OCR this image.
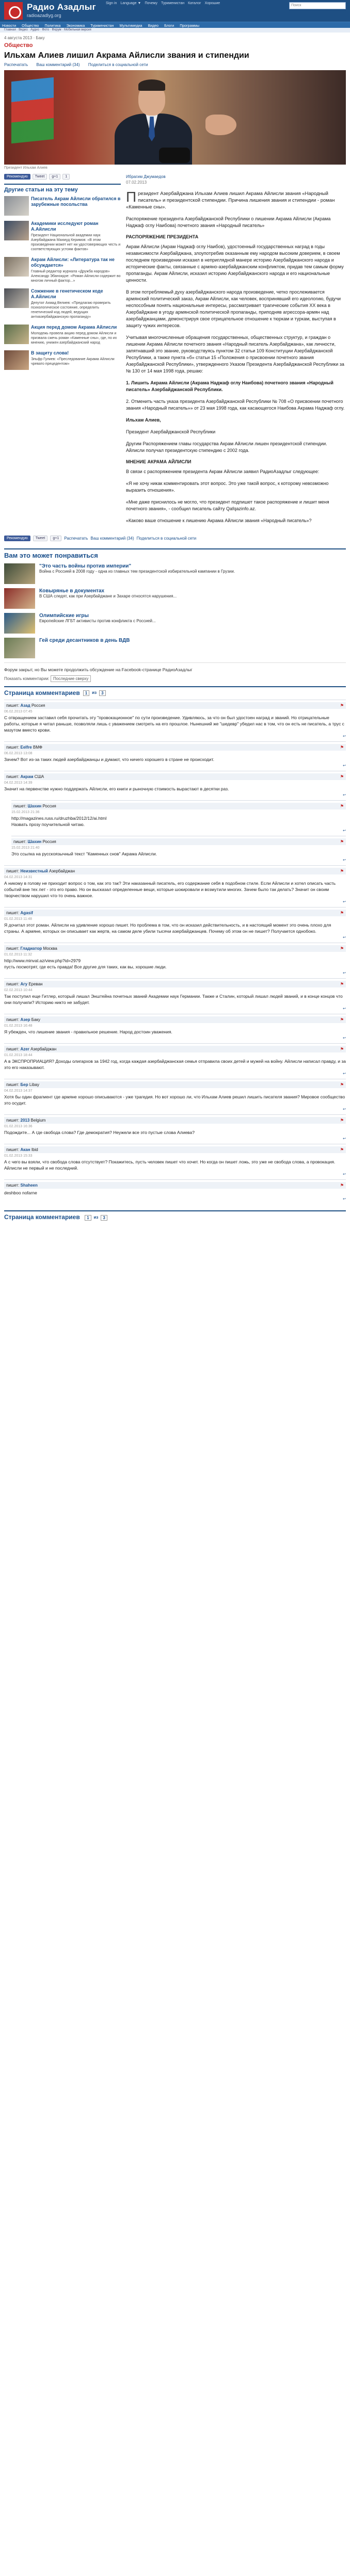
Радио Азадлыг
radioazadlyg.org
Sign in Language ▼ Почему Туркменистан Каталог Хорошие
Поиск
Новости Общество Политика Экономика Туркменистан Мультимедиа Видео Блоги Программы
Главная · Видео · Аудио · Фото · Форум · Мобильная версия
4 августа 2013 · Баку
Общество
Ильхам Алиев лишил Акрама Айлисли звания и стипендии
Распечатать Ваш комментарий (34) Поделиться в социальной сети
Президент Ильхам Алиев
Рекомендую	Tweet	g+1	1
Другие статьи на эту тему
Писатель Акрам Айлисли обратился в зарубежные посольства
Академики исследуют роман А.Айлисли
Президент Национальной академии наук Азербайджана Махмуд Керимов: «В этом произведении может нет ни удостоверяющих честь и соответствующих устоям фактов»
Акрам Айлисли: «Литература так не обсуждается»
Главный редактор журнала «Дружба народов» Александр Эбаноидзе: «Роман Айлисли содержит во многом личный фактор...»
Сожжение в генетическом коде А.Айлисли
Депутат Ахмад Велиев: «Предлагаю проверить психологическое состояние, определить генетический код людей, ведущих антиазербайджанскую пропаганду»
Акция перед домом Акрама Айлисли
Молодежь провела акцию перед домом Айлисли и призвала сжечь роман «Каменные сны», где, по их мнению, унижен азербайджанский народ
В защиту слова!
Эльфр Гулиев: «Преследование Акрама Айлисли чревато прецедентом»
Ибрагим Джумаедов
07.02.2013

Президент Азербайджана Ильхам Алиев лишил Акрама Айлисли звания «Народный писатель» и президентской стипендии. Причина лишения звания и стипендии - роман «Каменные сны».

Распоряжение президента Азербайджанской Республики о лишении Акрама Айлисли (Акрама Наджаф оглу Наибова) почетного звания «Народный писатель»

РАСПОРЯЖЕНИЕ ПРЕЗИДЕНТА

Акрам Айлисли (Акрам Наджаф оглу Наибов), удостоенный государственных наград в годы независимости Азербайджана, злоупотребив оказанным ему народом высоким доверием, в своем последнем произведении исказил в неприглядной манере историю Азербайджанского народа и исторические факты, связанные с армяно-азербайджанским конфликтом, придав тем самым форму пропаганды. Акрам Айлисли, исказил историю Азербайджанского народа и его национальные ценности.

В этом потребляемый духу азербайджанского народа произведение, четко прослеживается армянский политический заказ, Акрам Айлисли, как человек, воспринявший его идеологию, будучи неспособным понять национальные интересы, рассматривает трагические события XX века в Азербайджане в угоду армянской политической пропаганды, приподняв агрессора-армян над азербайджанцами, демонстрируя свое отрицательное отношение к тюркам и туркам, выступая в защиту чужих интересов.

Учитывая многочисленные обращения государственных, общественных структур, и граждан о лишении Акрама Айлисли почетного звания «Народный писатель Азербайджана», как личности, запятнавший это звание, руководствуясь пунктом 32 статьи 109 Конституции Азербайджанской Республики, а также пункта «б» статьи 15 «Положения о присвоении почетного звания Азербайджанской Республики», утвержденного Указом Президента Азербайджанской Республики за № 130 от 14 мая 1998 года, решаю:

1. Лишить Акрама Айлисли (Акрама Наджаф оглу Наибова) почетного звания «Народный писатель» Азербайджанской Республики.

2. Отменить часть указа президента Азербайджанской Республики № 708 «О присвоении почетного звания «Народный писатель»» от 23 мая 1998 года, как касающегося Наибова Акрама Наджаф оглу.

Ильхам Алиев,

Президент Азербайджанской Республики

Другим Распоряжением главы государства Акрам Айлисли лишен президентской стипендии. Айлисли получал президентскую стипендию с 2002 года.

МНЕНИЕ АКРАМА АЙЛИСЛИ

В связи с распоряжением президента Акрам Айлисли заявил РадиоАзадлыг следующее:

«Я не хочу никак комментировать этот вопрос. Это уже такой вопрос, к которому невозможно выразить отношения».

«Мне даже приснилось не могло, что президент подпишет такое распоряжение и лишит меня почетного звания», - сообщил писатель сайту Qafqazinfo.az.

«Каково ваше отношение к лишению Акрама Айлисли звания «Народный писатель»?

Рекомендую	Tweet	g+1	Распечатать Ваш комментарий (34) Поделиться в социальной сети
Вам это может понравиться
"Это часть войны против империи"
Война с Россией в 2008 году - одна из главных тем президентской избирательной кампании в Грузии.
Ковырянье в документах
В США следят, как при Азербайджане и Захаре относятся нарушения...
Олимпийские игры
Европейские ЛГБТ активисты против конфликта с Россией...
Гей среди десантников в день ВДВ
Форум закрыт, но Вы можете продолжить обсуждение на Facebook-странице РадиоАзадлыг
Показать комментарии: Последние сверху
Страница комментариев	1	из	3
пишет: Азад Россия	⚑
06.02.2013 07:45
С отвращением заставил себя прочитать эту "провокационное" по сути произведение. Удивляюсь, за что он был удостоен наград и званий. Но отрицательные работы, которые я читал раньше, позволяли лишь с уважением смотреть на его прошлое. Нынешний же "шедевр" убедил нас в том, что он есть не писатель, а трус с мазутом вместо крови.
↩
пишет: Eelfre ВМФ	⚑
06.02.2013 13:08
Зачем? Вот из-за таких людей азербайджанцы и думают, что ничего хорошего в стране не происходит.
↩
пишет: Акрам США	⚑
04.02.2013 14:39
Значит на первенстве нужно поддержать Айлисли, его книги и рыночную стоимость вырастают в десятки раз.
↩
пишет: Шахин Россия	⚑
15.02.2013 21:36
http://magazines.russ.ru/druzhba/2012/12/ai.html
Назвать прозу поучительной читаю.
↩
пишет: Шахин Россия	⚑
15.02.2013 21:40
Это ссылка на русскоязычный текст "Каменных снов" Акрама Айлисли.
↩
пишет: Неизвестный Азербайджан	⚑
04.02.2013 14:31
А никому в голову не приходит вопрос о том, как это так? Эти наказанный писатель, его содержание себя в подобном стиле. Если Айлисли и хотел описать часть событий вне тех лет - это его право. Но он высказал определенные вещи, которые шокировали и возмутили многих. Зачем было так делать? Значит он своим творчеством нарушил что-то очень важное.
↩
пишет: Agasif	⚑
01.02.2013 11:48
Я дочитал этот роман. Айлисли на удивление хорошо пишет. Но проблема в том, что он исказил действительность, и в настоящий момент это очень плохо для страны. А армяне, которых он описывает как жертв, на самом деле убили тысячи азербайджанцев. Почему об этом он не пишет? Получается однобоко.
↩
пишет: Гладиатор Москва	⚑
01.02.2013 11:32
http://www.minval.az/view.php?id=2979
пусть посмотрят, где есть правда! Все другие для таких, как вы, хорошие люди.
↩
пишет: Агу Ереван	⚑
02.02.2013 10:44
Так поступил еще Гитлер, который лишал Энштейна почетных званий Академии наук Германии. Также и Сталин, который лишал людей званий, и в конце концов что они получили? Историю никто не забудет.
↩
пишет: Азер Баку	⚑
01.02.2013 16:48
Я убежден, что лишение звания - правильное решение. Народ достоин уважения.
↩
пишет: Azer Азербайджан	⚑
01.02.2013 18:44
А в ЭКСПРОПРИАЦИЯ? Доходы олигархов за 1942 год, когда каждая азербайджанская семья отправила своих детей и мужей на войну. Айлисли написал правду, и за это его наказывают.
↩
пишет: Бер Libay	⚑
04.02.2013 14:37
Хотя бы один фрагмент где армяне хорошо описываются - уже трагедия. Но вот хорошо ли, что Ильхам Алиев решил лишить писателя звания? Мировое сообщество это осудит.
↩
пишет: 2013 Belgium	⚑
01.02.2013 16:36
Подождите... А где свобода слова? Где демократия? Неужели все это пустые слова Алиева?
↩
пишет: Акан Ibid	⚑
01.02.2013 15:33
А с чего вы взяли, что свобода слова отсутствует? Покажитесь, пусть человек пишет что хочет. Но когда он пишет ложь, это уже не свобода слова, а провокация. Айлисли не первый и не последний.
↩
пишет: Shaheen	⚑
deshboo nofarne
↩
Страница комментариев	1	из	3
